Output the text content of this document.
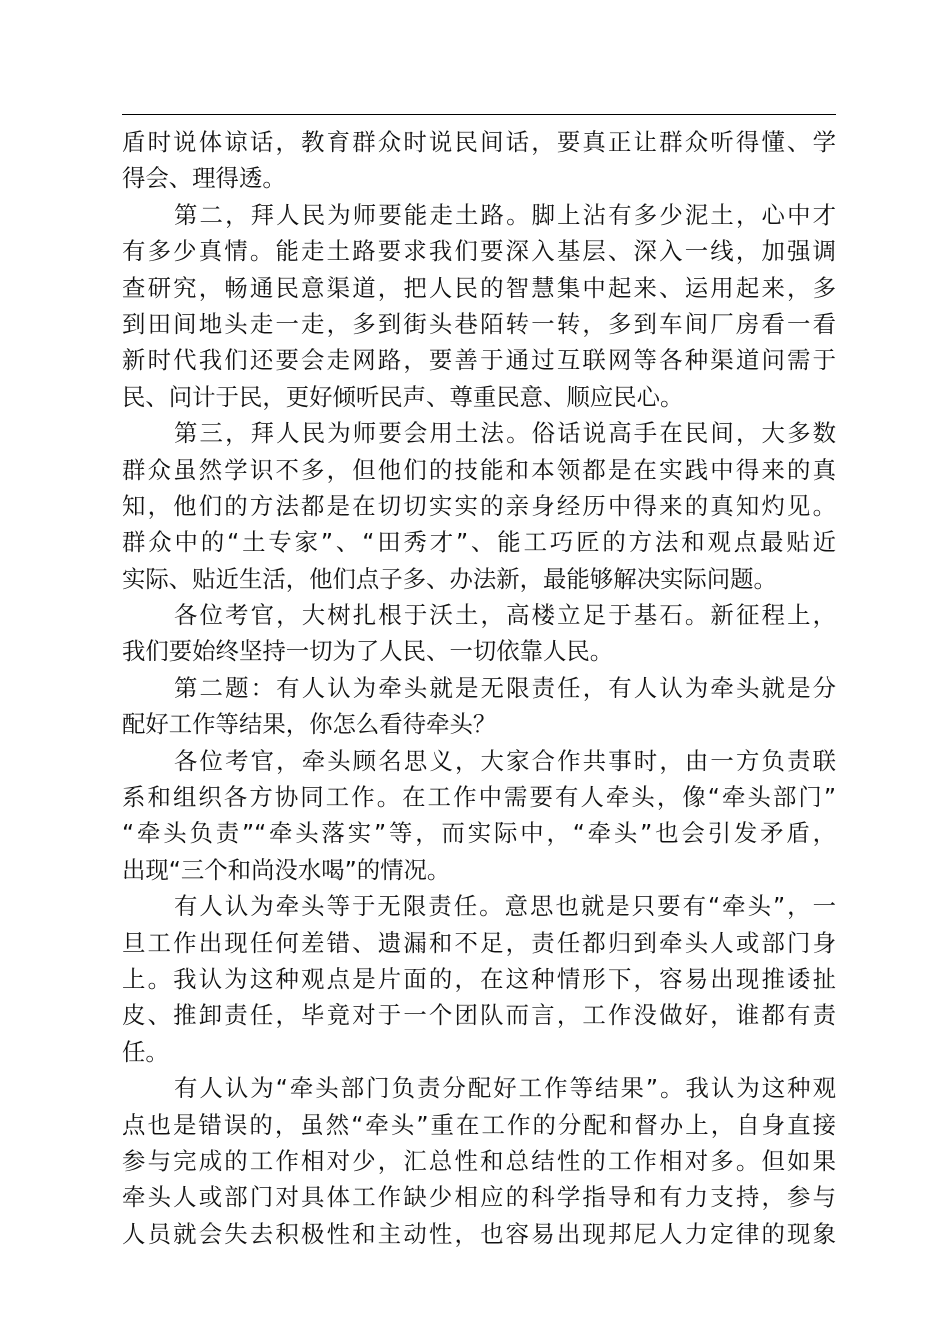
盾时说体谅话，教育群众时说民间话，要真正让群众听得懂、学
得会、理得透。
第二，拜人民为师要能走土路。脚上沾有多少泥土，心中才
有多少真情。能走土路要求我们要深入基层、深入一线，加强调
查研究，畅通民意渠道，把人民的智慧集中起来、运用起来，多
到田间地头走一走，多到街头巷陌转一转，多到车间厂房看一看
新时代我们还要会走网路，要善于通过互联网等各种渠道问需于
民、问计于民，更好倾听民声、尊重民意、顺应民心。
第三，拜人民为师要会用土法。俗话说高手在民间，大多数
群众虽然学识不多，但他们的技能和本领都是在实践中得来的真
知，他们的方法都是在切切实实的亲身经历中得来的真知灼见。
群众中的“土专家”、“田秀才”、能工巧匠的方法和观点最贴近
实际、贴近生活，他们点子多、办法新，最能够解决实际问题。
各位考官，大树扎根于沃土，高楼立足于基石。新征程上，
我们要始终坚持一切为了人民、一切依靠人民。
第二题：有人认为牵头就是无限责任，有人认为牵头就是分
配好工作等结果，你怎么看待牵头？
各位考官，牵头顾名思义，大家合作共事时，由一方负责联
系和组织各方协同工作。在工作中需要有人牵头，像“牵头部门”
“牵头负责”“牵头落实”等，而实际中，“牵头”也会引发矛盾，
出现“三个和尚没水喝”的情况。
有人认为牵头等于无限责任。意思也就是只要有“牵头”，一
旦工作出现任何差错、遗漏和不足，责任都归到牵头人或部门身
上。我认为这种观点是片面的，在这种情形下，容易出现推诿扯
皮、推卸责任，毕竟对于一个团队而言，工作没做好，谁都有责
任。
有人认为“牵头部门负责分配好工作等结果”。我认为这种观
点也是错误的，虽然“牵头”重在工作的分配和督办上，自身直接
参与完成的工作相对少，汇总性和总结性的工作相对多。但如果
牵头人或部门对具体工作缺少相应的科学指导和有力支持，参与
人员就会失去积极性和主动性，也容易出现邦尼人力定律的现象
